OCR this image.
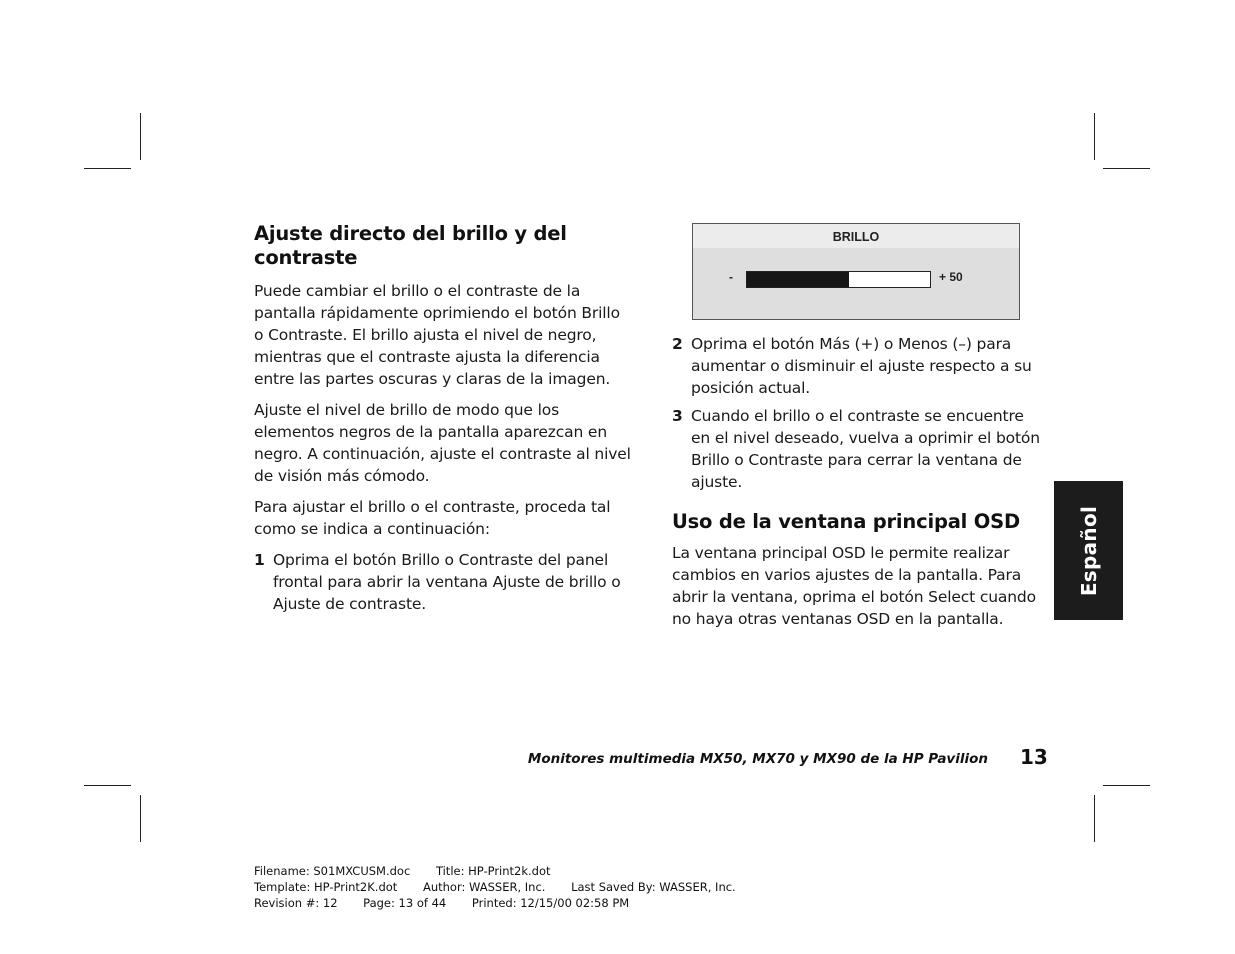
Ajuste directo del brillo y del contraste

Puede cambiar el brillo o el contraste de la pantalla rápidamente oprimiendo el botón Brillo o Contraste. El brillo ajusta el nivel de negro, mientras que el contraste ajusta la diferencia entre las partes oscuras y claras de la imagen.

Ajuste el nivel de brillo de modo que los elementos negros de la pantalla aparezcan en negro. A continuación, ajuste el contraste al nivel de visión más cómodo.

Para ajustar el brillo o el contraste, proceda tal como se indica a continuación:

1 Oprima el botón Brillo o Contraste del panel frontal para abrir la ventana Ajuste de brillo o Ajuste de contraste.
BRILLO
-	+ 50
2 Oprima el botón Más (+) o Menos (–) para aumentar o disminuir el ajuste respecto a su posición actual.
3 Cuando el brillo o el contraste se encuentre en el nivel deseado, vuelva a oprimir el botón Brillo o Contraste para cerrar la ventana de ajuste.
Uso de la ventana principal OSD

La ventana principal OSD le permite realizar cambios en varios ajustes de la pantalla. Para abrir la ventana, oprima el botón Select cuando no haya otras ventanas OSD en la pantalla.

Español
Monitores multimedia MX50, MX70 y MX90 de la HP Pavilion 13
Filename: S01MXCUSM.doc Title: HP-Print2k.dot
Template: HP-Print2K.dot Author: WASSER, Inc. Last Saved By: WASSER, Inc.
Revision #: 12 Page: 13 of 44 Printed: 12/15/00 02:58 PM
